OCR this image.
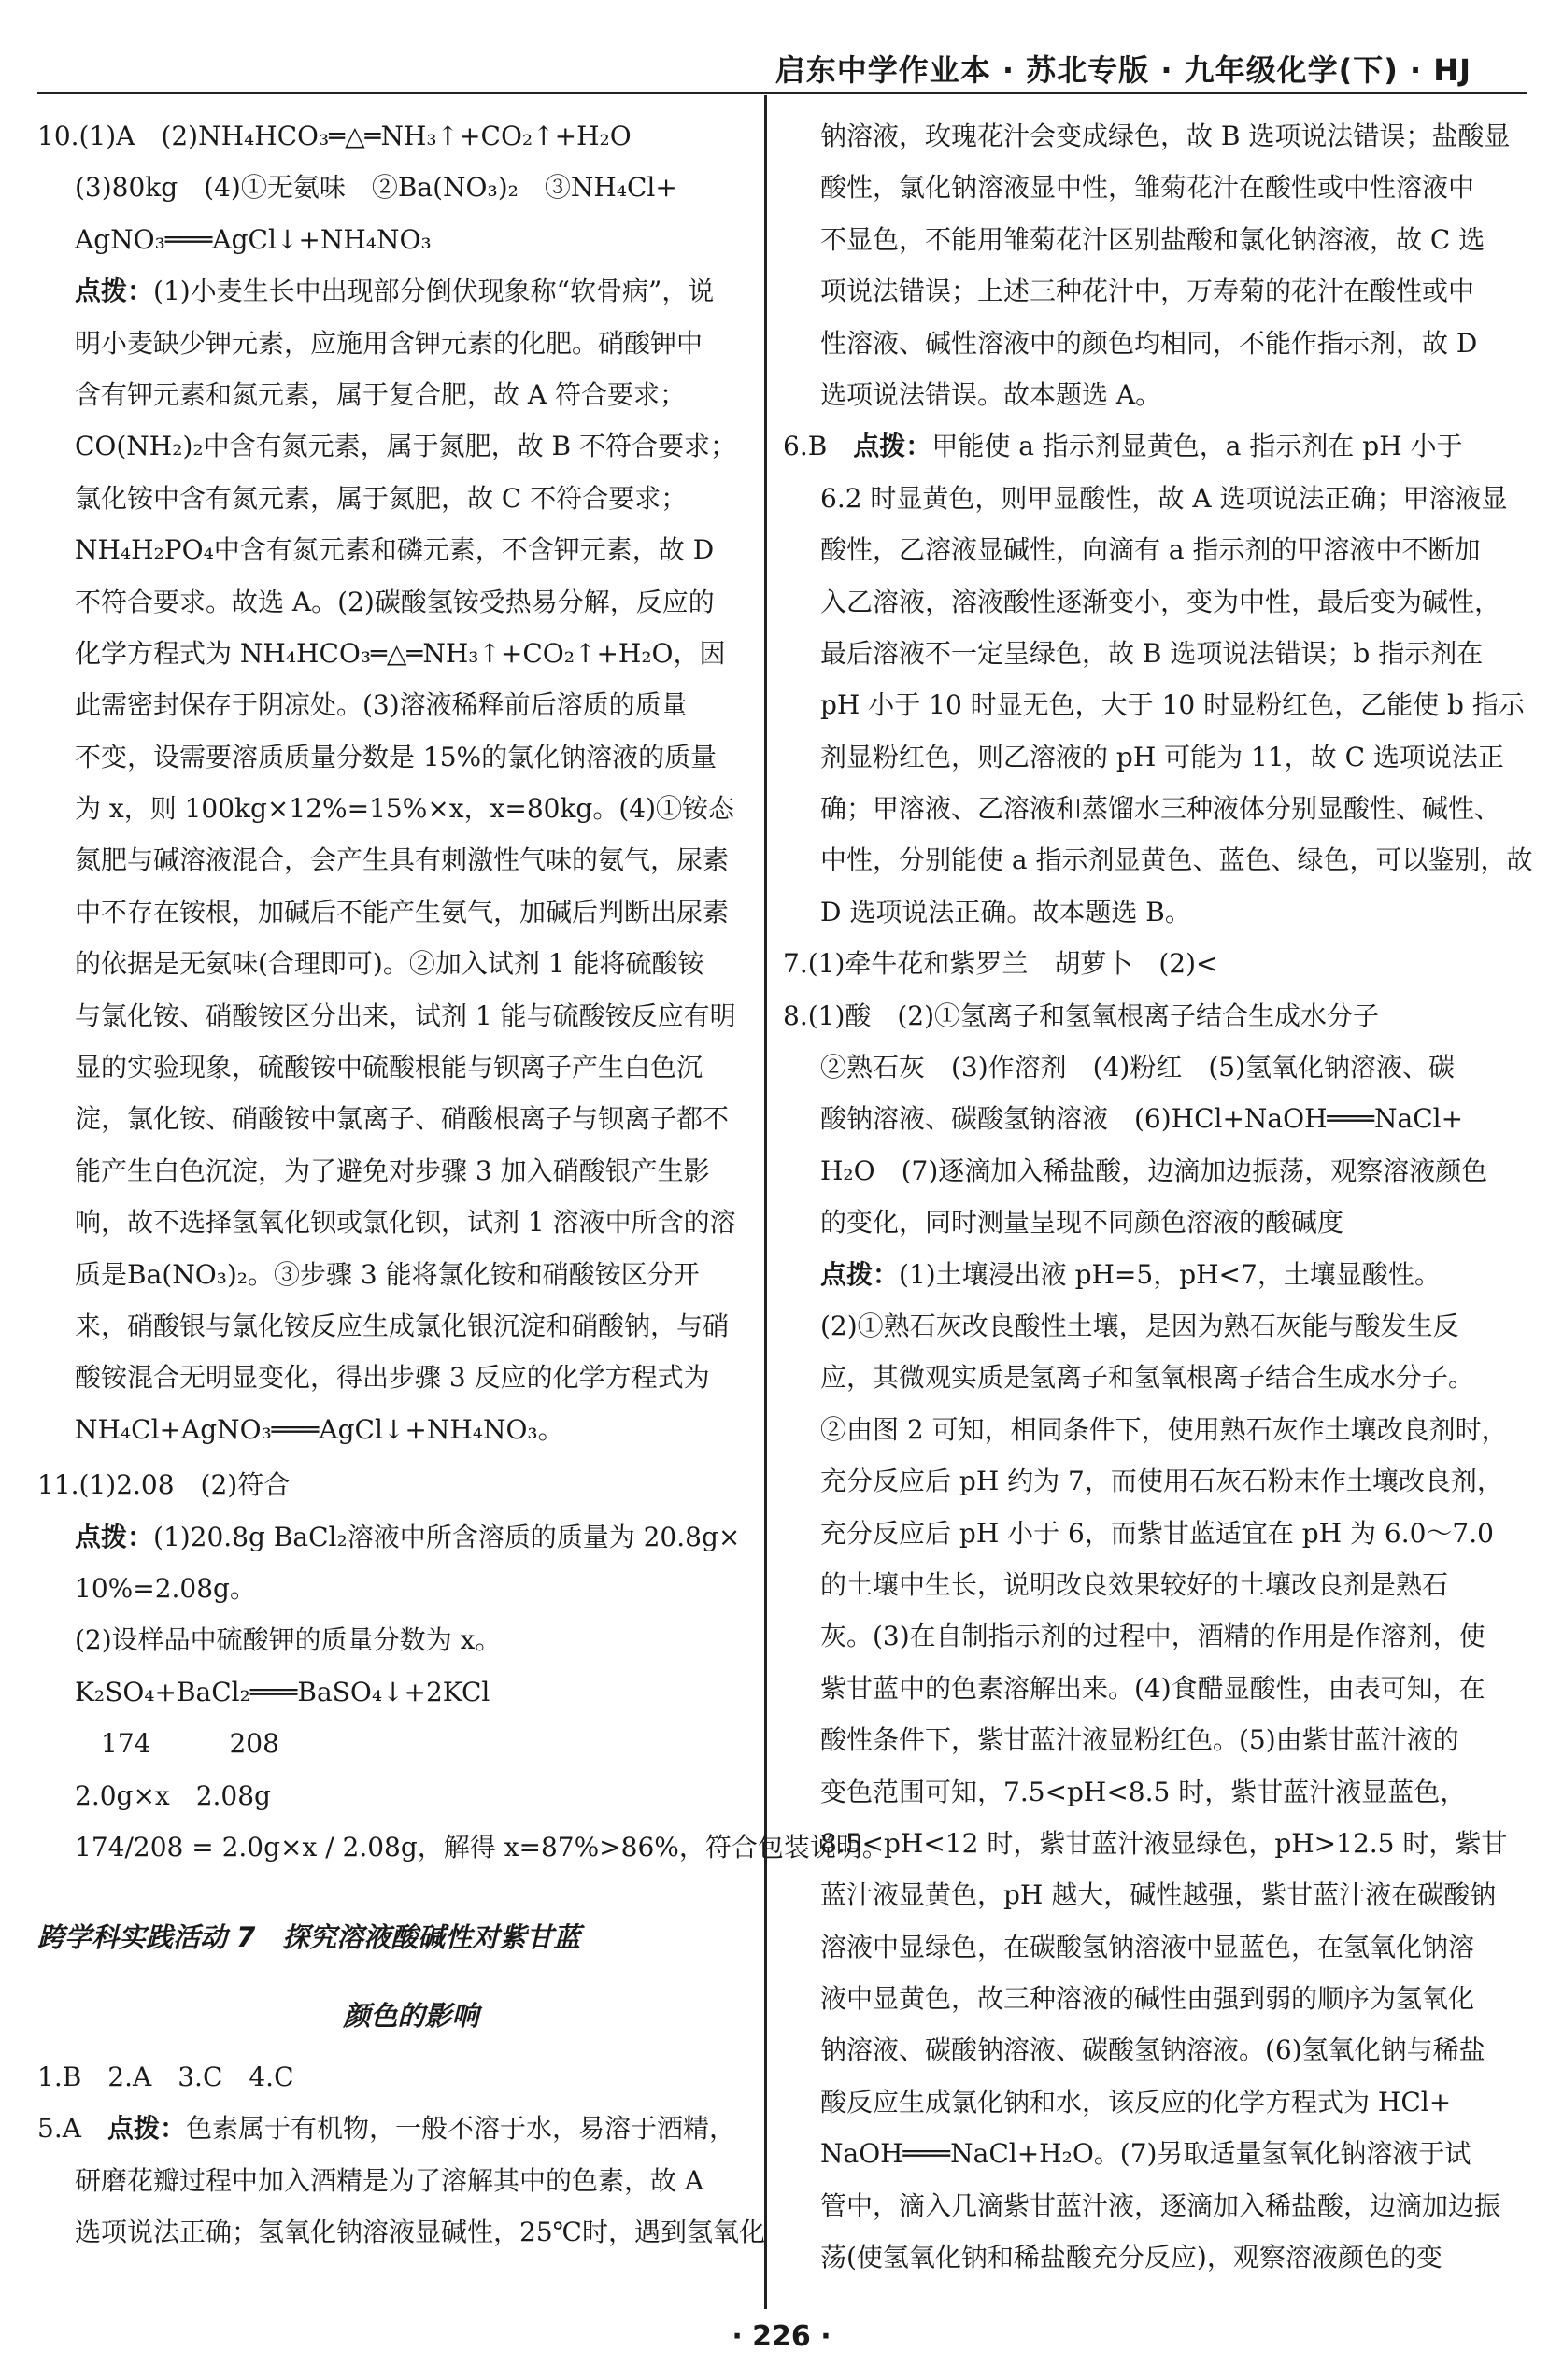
启东中学作业本 · 苏北专版 · 九年级化学(下) · HJ
10.(1)A　(2)NH₄HCO₃═△═NH₃↑+CO₂↑+H₂O
(3)80kg　(4)①无氨味　②Ba(NO₃)₂　③NH₄Cl+
AgNO₃═══AgCl↓+NH₄NO₃
点拨：(1)小麦生长中出现部分倒伏现象称“软骨病”，说
明小麦缺少钾元素，应施用含钾元素的化肥。硝酸钾中
含有钾元素和氮元素，属于复合肥，故 A 符合要求；
CO(NH₂)₂中含有氮元素，属于氮肥，故 B 不符合要求；
氯化铵中含有氮元素，属于氮肥，故 C 不符合要求；
NH₄H₂PO₄中含有氮元素和磷元素，不含钾元素，故 D
不符合要求。故选 A。(2)碳酸氢铵受热易分解，反应的
化学方程式为 NH₄HCO₃═△═NH₃↑+CO₂↑+H₂O，因
此需密封保存于阴凉处。(3)溶液稀释前后溶质的质量
不变，设需要溶质质量分数是 15%的氯化钠溶液的质量
为 x，则 100kg×12%=15%×x，x=80kg。(4)①铵态
氮肥与碱溶液混合，会产生具有刺激性气味的氨气，尿素
中不存在铵根，加碱后不能产生氨气，加碱后判断出尿素
的依据是无氨味(合理即可)。②加入试剂 1 能将硫酸铵
与氯化铵、硝酸铵区分出来，试剂 1 能与硫酸铵反应有明
显的实验现象，硫酸铵中硫酸根能与钡离子产生白色沉
淀，氯化铵、硝酸铵中氯离子、硝酸根离子与钡离子都不
能产生白色沉淀，为了避免对步骤 3 加入硝酸银产生影
响，故不选择氢氧化钡或氯化钡，试剂 1 溶液中所含的溶
质是Ba(NO₃)₂。③步骤 3 能将氯化铵和硝酸铵区分开
来，硝酸银与氯化铵反应生成氯化银沉淀和硝酸钠，与硝
酸铵混合无明显变化，得出步骤 3 反应的化学方程式为
NH₄Cl+AgNO₃═══AgCl↓+NH₄NO₃。
11.(1)2.08　(2)符合
点拨：(1)20.8g BaCl₂溶液中所含溶质的质量为 20.8g×
10%=2.08g。
(2)设样品中硫酸钾的质量分数为 x。
K₂SO₄+BaCl₂═══BaSO₄↓+2KCl
　174　　　208
2.0g×x　2.08g
174/208 = 2.0g×x / 2.08g，解得 x=87%>86%，符合包装说明。
跨学科实践活动 7　探究溶液酸碱性对紫甘蓝
颜色的影响
1.B　2.A　3.C　4.C
5.A　点拨：色素属于有机物，一般不溶于水，易溶于酒精，
研磨花瓣过程中加入酒精是为了溶解其中的色素，故 A
选项说法正确；氢氧化钠溶液显碱性，25℃时，遇到氢氧化
钠溶液，玫瑰花汁会变成绿色，故 B 选项说法错误；盐酸显
酸性，氯化钠溶液显中性，雏菊花汁在酸性或中性溶液中
不显色，不能用雏菊花汁区别盐酸和氯化钠溶液，故 C 选
项说法错误；上述三种花汁中，万寿菊的花汁在酸性或中
性溶液、碱性溶液中的颜色均相同，不能作指示剂，故 D
选项说法错误。故本题选 A。
6.B　点拨：甲能使 a 指示剂显黄色，a 指示剂在 pH 小于
6.2 时显黄色，则甲显酸性，故 A 选项说法正确；甲溶液显
酸性，乙溶液显碱性，向滴有 a 指示剂的甲溶液中不断加
入乙溶液，溶液酸性逐渐变小，变为中性，最后变为碱性，
最后溶液不一定呈绿色，故 B 选项说法错误；b 指示剂在
pH 小于 10 时显无色，大于 10 时显粉红色，乙能使 b 指示
剂显粉红色，则乙溶液的 pH 可能为 11，故 C 选项说法正
确；甲溶液、乙溶液和蒸馏水三种液体分别显酸性、碱性、
中性，分别能使 a 指示剂显黄色、蓝色、绿色，可以鉴别，故
D 选项说法正确。故本题选 B。
7.(1)牵牛花和紫罗兰　胡萝卜　(2)<
8.(1)酸　(2)①氢离子和氢氧根离子结合生成水分子
②熟石灰　(3)作溶剂　(4)粉红　(5)氢氧化钠溶液、碳
酸钠溶液、碳酸氢钠溶液　(6)HCl+NaOH═══NaCl+
H₂O　(7)逐滴加入稀盐酸，边滴加边振荡，观察溶液颜色
的变化，同时测量呈现不同颜色溶液的酸碱度
点拨：(1)土壤浸出液 pH=5，pH<7，土壤显酸性。
(2)①熟石灰改良酸性土壤，是因为熟石灰能与酸发生反
应，其微观实质是氢离子和氢氧根离子结合生成水分子。
②由图 2 可知，相同条件下，使用熟石灰作土壤改良剂时，
充分反应后 pH 约为 7，而使用石灰石粉末作土壤改良剂，
充分反应后 pH 小于 6，而紫甘蓝适宜在 pH 为 6.0～7.0
的土壤中生长，说明改良效果较好的土壤改良剂是熟石
灰。(3)在自制指示剂的过程中，酒精的作用是作溶剂，使
紫甘蓝中的色素溶解出来。(4)食醋显酸性，由表可知，在
酸性条件下，紫甘蓝汁液显粉红色。(5)由紫甘蓝汁液的
变色范围可知，7.5<pH<8.5 时，紫甘蓝汁液显蓝色，
8.5<pH<12 时，紫甘蓝汁液显绿色，pH>12.5 时，紫甘
蓝汁液显黄色，pH 越大，碱性越强，紫甘蓝汁液在碳酸钠
溶液中显绿色，在碳酸氢钠溶液中显蓝色，在氢氧化钠溶
液中显黄色，故三种溶液的碱性由强到弱的顺序为氢氧化
钠溶液、碳酸钠溶液、碳酸氢钠溶液。(6)氢氧化钠与稀盐
酸反应生成氯化钠和水，该反应的化学方程式为 HCl+
NaOH═══NaCl+H₂O。(7)另取适量氢氧化钠溶液于试
管中，滴入几滴紫甘蓝汁液，逐滴加入稀盐酸，边滴加边振
荡(使氢氧化钠和稀盐酸充分反应)，观察溶液颜色的变
· 226 ·
